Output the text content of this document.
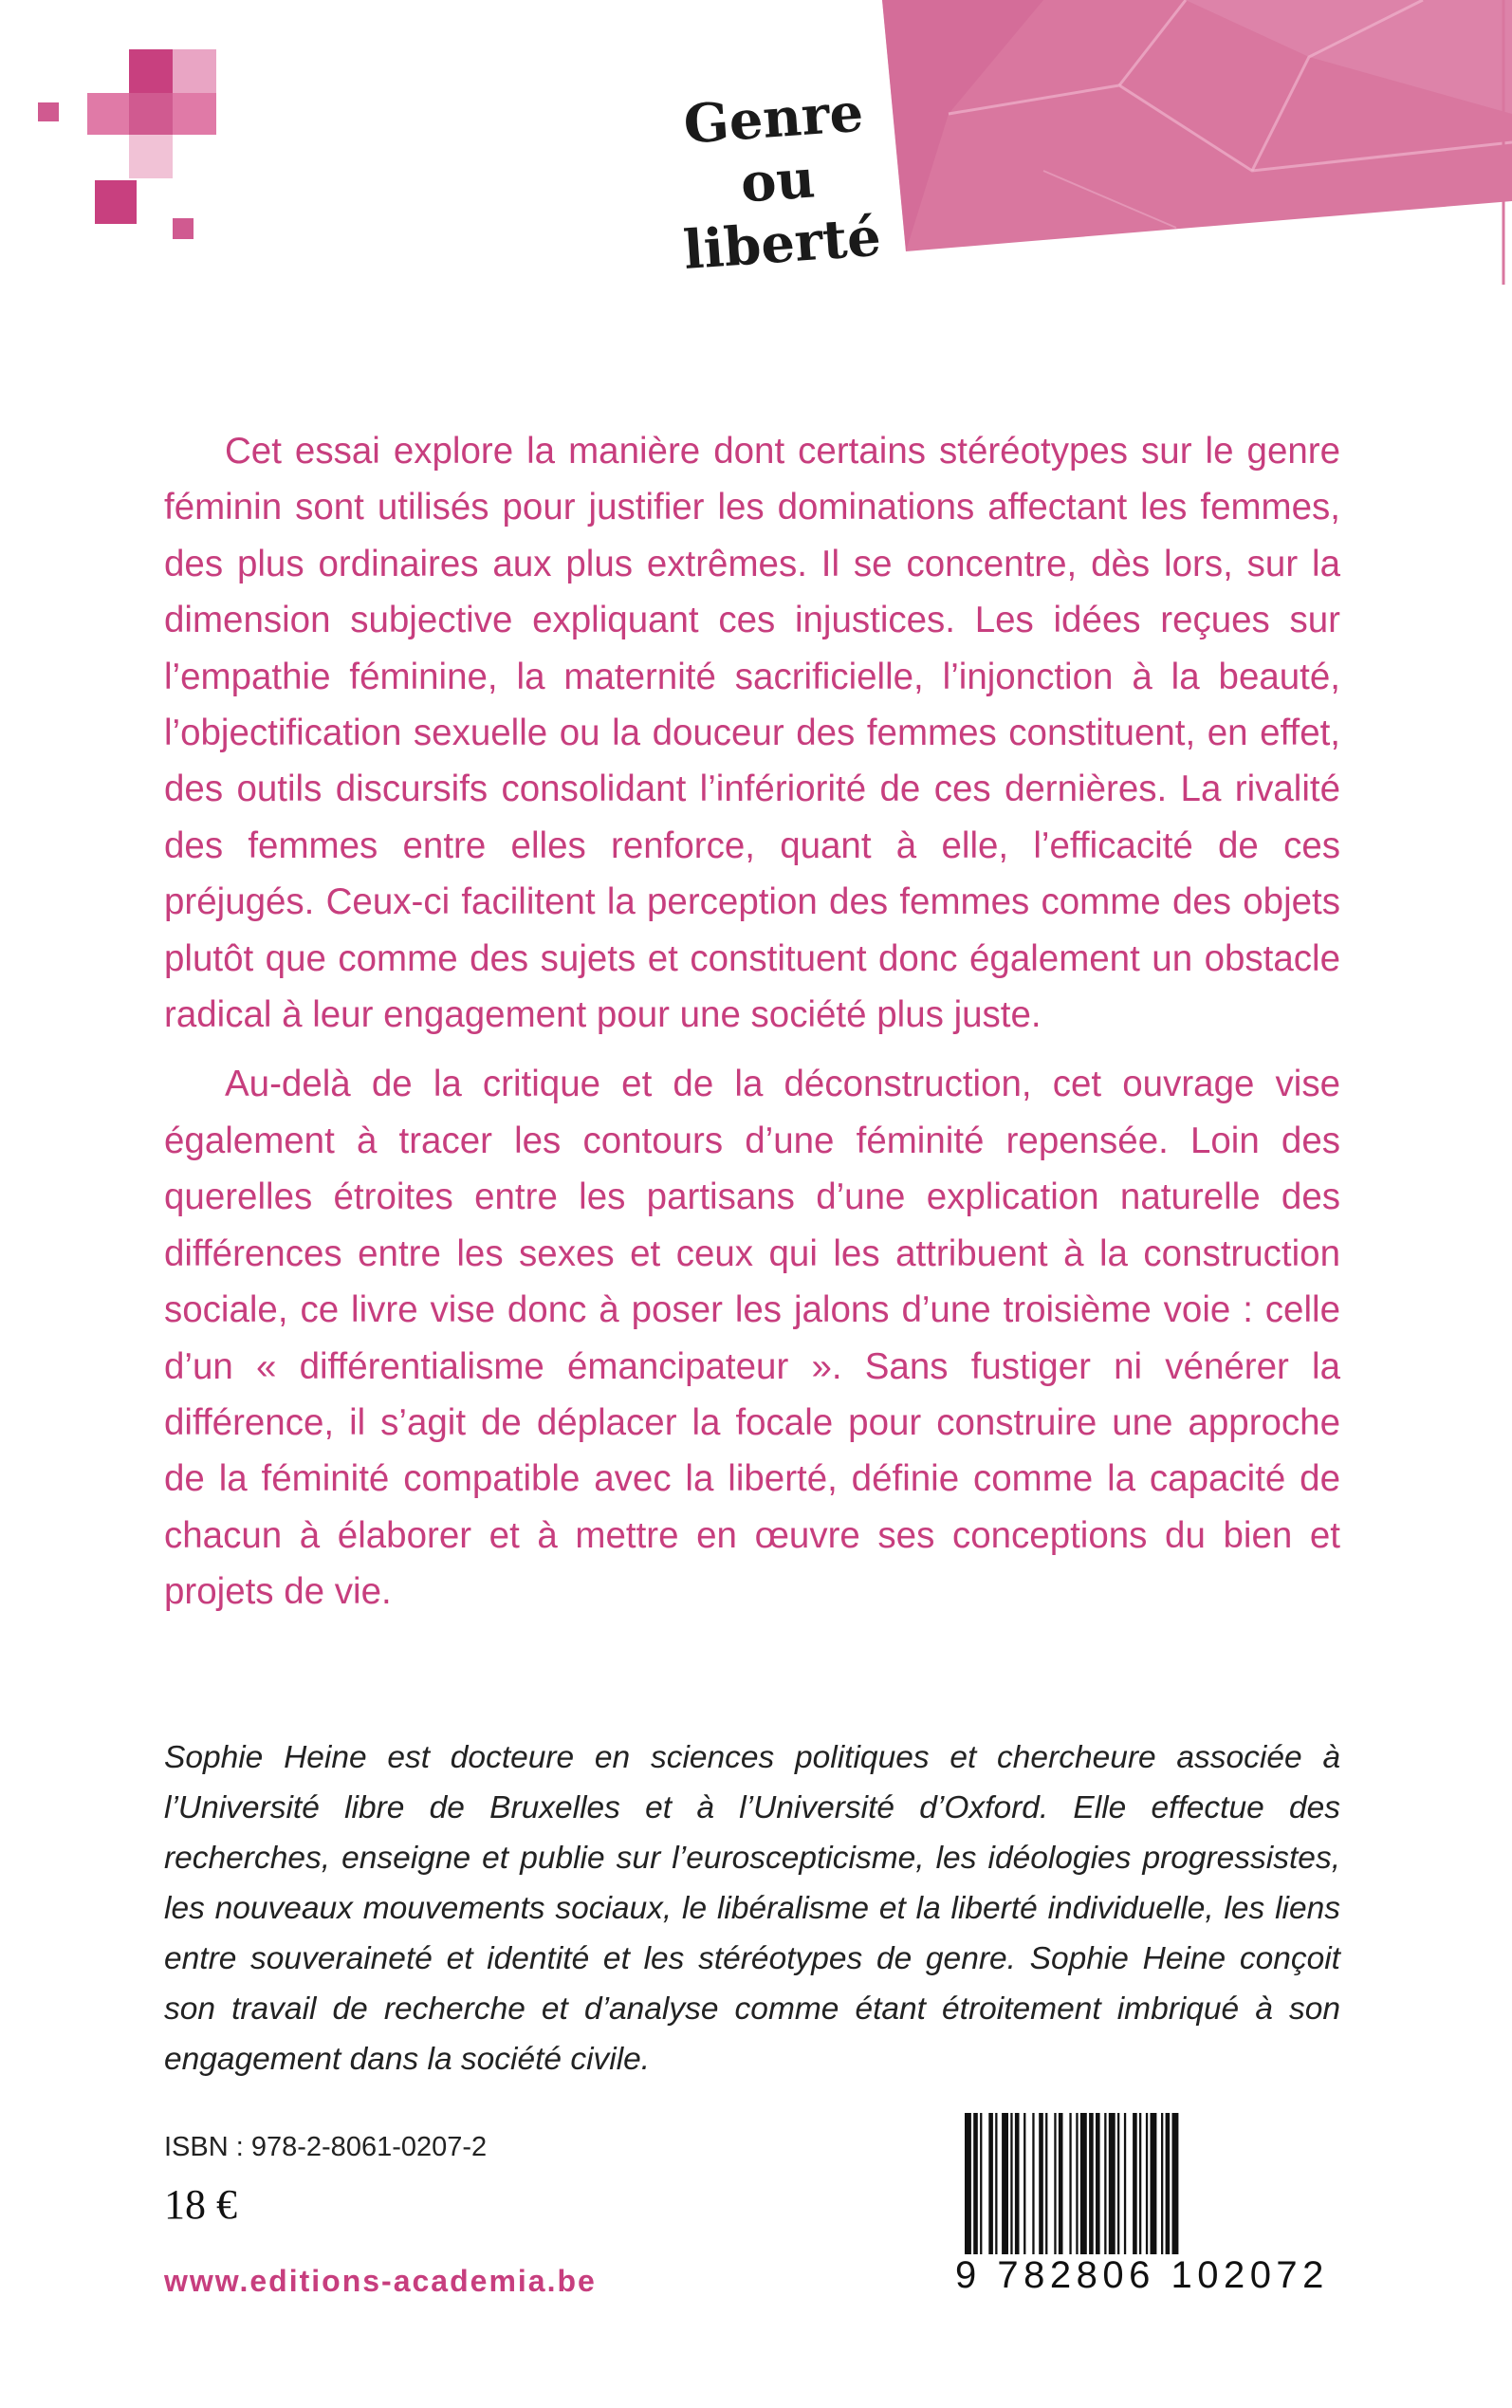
Genre
ou
liberté

Cet essai explore la manière dont certains stéréotypes sur le genre féminin sont utilisés pour justifier les dominations affectant les femmes, des plus ordinaires aux plus extrêmes. Il se concentre, dès lors, sur la dimension subjective expliquant ces injustices. Les idées reçues sur l’empathie féminine, la maternité sacrificielle, l’injonction à la beauté, l’objectification sexuelle ou la douceur des femmes constituent, en effet, des outils discursifs consolidant l’infériorité de ces dernières. La rivalité des femmes entre elles renforce, quant à elle, l’efficacité de ces préjugés. Ceux-ci facilitent la perception des femmes comme des objets plutôt que comme des sujets et constituent donc également un obstacle radical à leur engagement pour une société plus juste.

Au-delà de la critique et de la déconstruction, cet ouvrage vise également à tracer les contours d’une féminité repensée. Loin des querelles étroites entre les partisans d’une explication naturelle des différences entre les sexes et ceux qui les attribuent à la construction sociale, ce livre vise donc à poser les jalons d’une troisième voie : celle d’un « différentialisme émancipateur ». Sans fustiger ni vénérer la différence, il s’agit de déplacer la focale pour construire une approche de la féminité compatible avec la liberté, définie comme la capacité de chacun à élaborer et à mettre en œuvre ses conceptions du bien et projets de vie.

Sophie Heine est docteure en sciences politiques et chercheure associée à l’Université libre de Bruxelles et à l’Université d’Oxford. Elle effectue des recherches, enseigne et publie sur l’euroscepticisme, les idéologies progressistes, les nouveaux mouvements sociaux, le libéralisme et la liberté individuelle, les liens entre souveraineté et identité et les stéréotypes de genre. Sophie Heine conçoit son travail de recherche et d’analyse comme étant étroitement imbriqué à son engagement dans la société civile.

ISBN : 978-2-8061-0207-2
18 €
www.editions-academia.be	9 782806 102072
